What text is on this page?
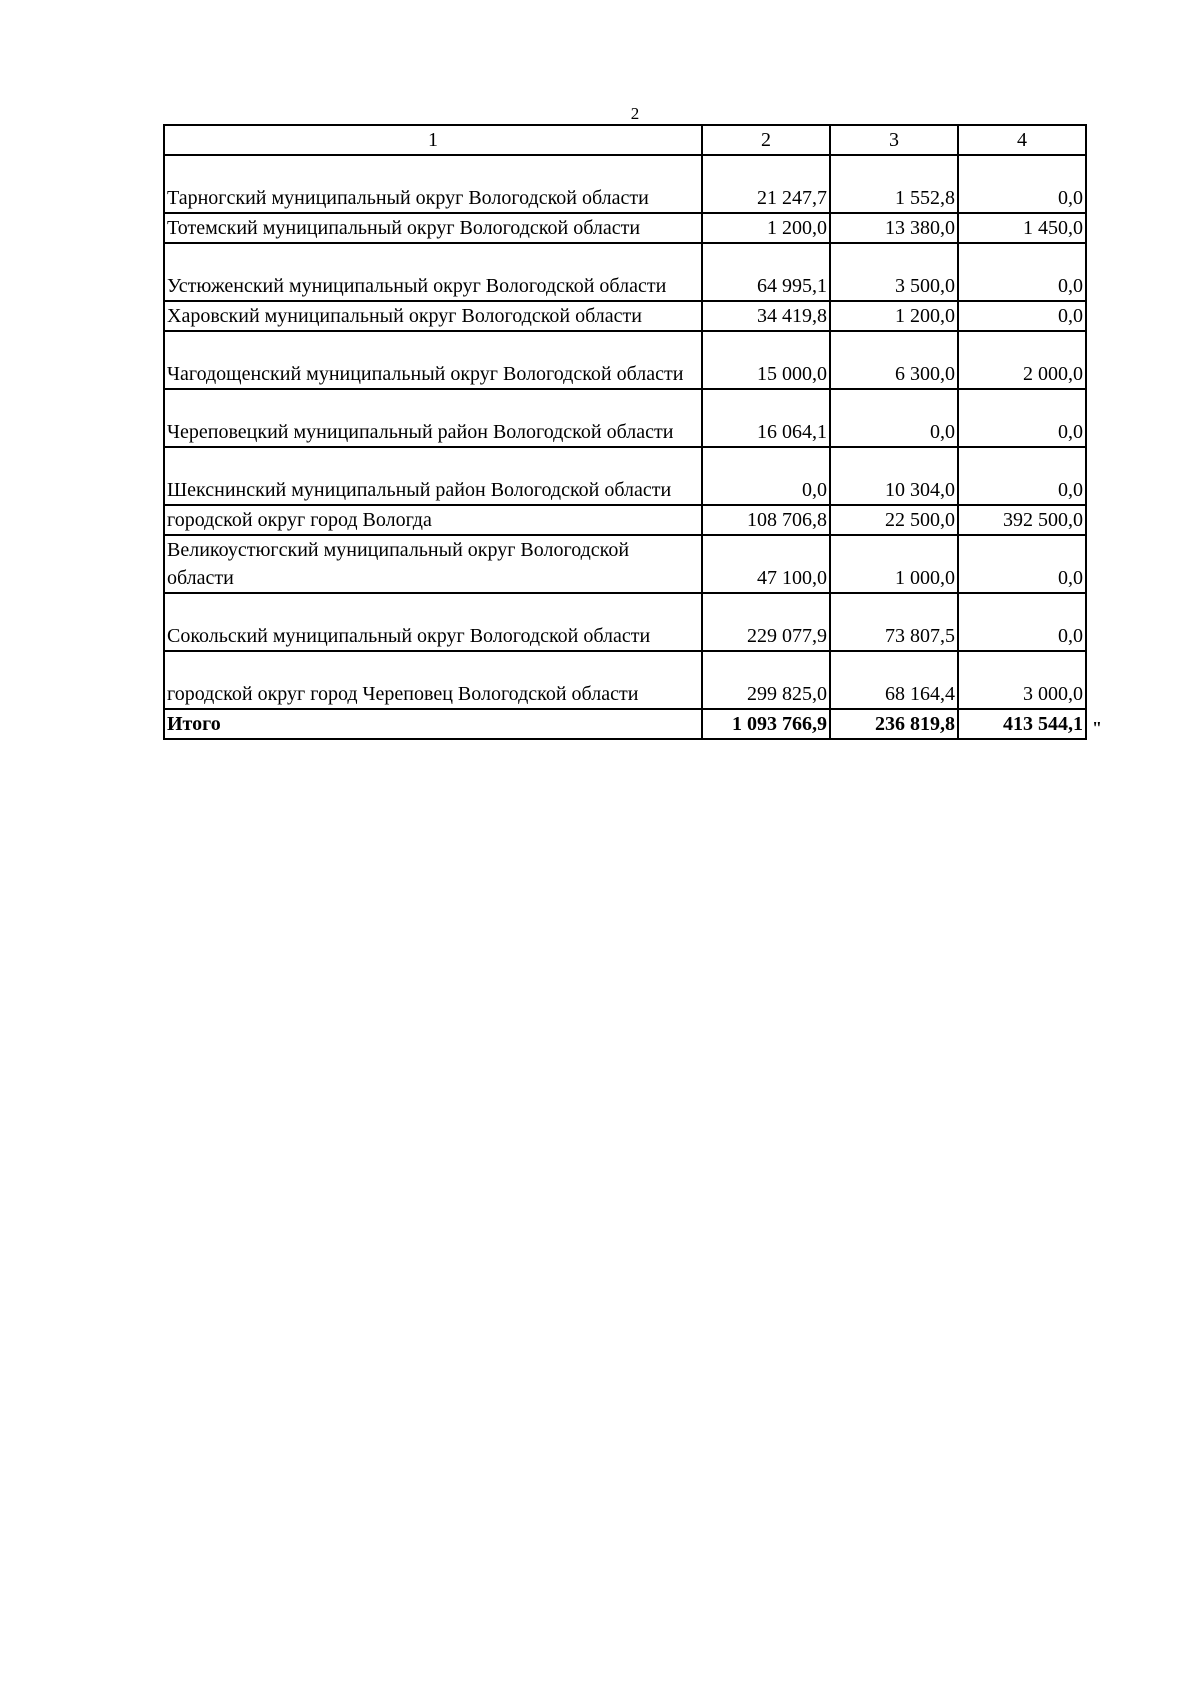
2
1	2	3	4
Тарногский муниципальный округ Вологодской области	21 247,7	1 552,8	0,0
Тотемский муниципальный округ Вологодской области	1 200,0	13 380,0	1 450,0
Устюженский муниципальный округ Вологодской области	64 995,1	3 500,0	0,0
Харовский муниципальный округ Вологодской области	34 419,8	1 200,0	0,0
Чагодощенский муниципальный округ Вологодской области	15 000,0	6 300,0	2 000,0
Череповецкий муниципальный район Вологодской области	16 064,1	0,0	0,0
Шекснинский муниципальный район Вологодской области	0,0	10 304,0	0,0
городской округ город Вологда	108 706,8	22 500,0	392 500,0
Великоустюгский муниципальный округ Вологодской области	47 100,0	1 000,0	0,0
Сокольский муниципальный округ Вологодской области	229 077,9	73 807,5	0,0
городской округ город Череповец Вологодской области	299 825,0	68 164,4	3 000,0
Итого	1 093 766,9	236 819,8	413 544,1 "
